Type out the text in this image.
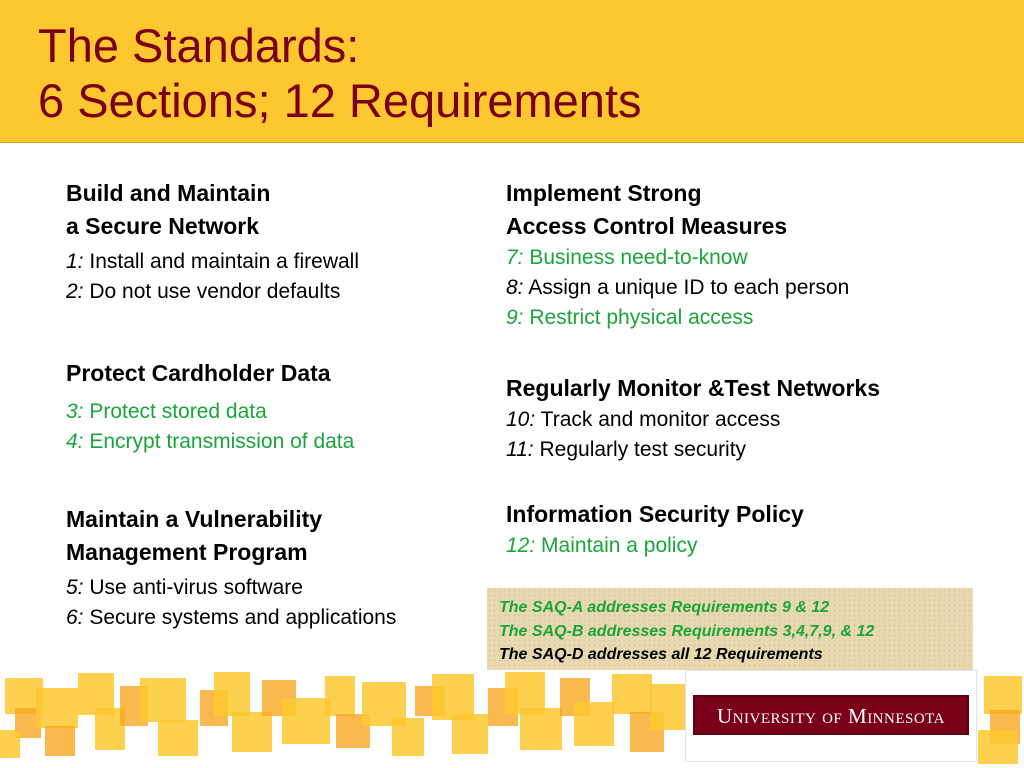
The Standards:
6 Sections; 12 Requirements
Build and Maintain
a Secure Network
1: Install and maintain a firewall
2: Do not use vendor defaults
Protect Cardholder Data
3: Protect stored data
4: Encrypt transmission of data
Maintain a Vulnerability
Management Program
5: Use anti-virus software
6: Secure systems and applications
Implement Strong
Access Control Measures
7: Business need-to-know
8: Assign a unique ID to each person
9: Restrict physical access
Regularly Monitor &Test Networks
10: Track and monitor access
11: Regularly test security
Information Security Policy
12: Maintain a policy
The SAQ-A addresses Requirements 9 & 12
The SAQ-B addresses Requirements 3,4,7,9, & 12
The SAQ-D addresses all 12 Requirements
University of Minnesota
